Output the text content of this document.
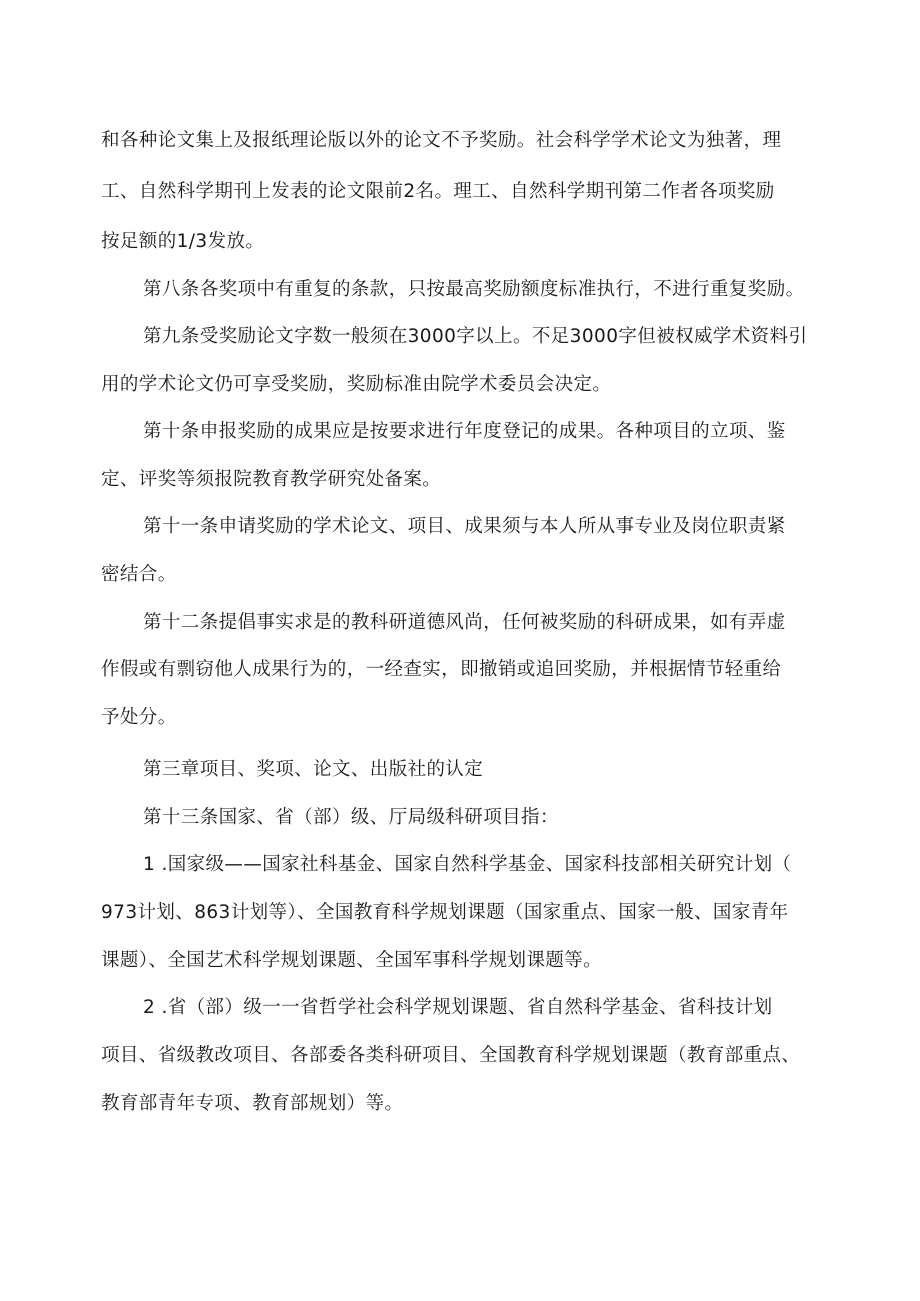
和各种论文集上及报纸理论版以外的论文不予奖励。社会科学学术论文为独著，理
工、自然科学期刊上发表的论文限前2名。理工、自然科学期刊第二作者各项奖励
按足额的1/3发放。
第八条各奖项中有重复的条款，只按最高奖励额度标准执行，不进行重复奖励。
第九条受奖励论文字数一般须在3000字以上。不足3000字但被权威学术资料引
用的学术论文仍可享受奖励，奖励标准由院学术委员会决定。
第十条申报奖励的成果应是按要求进行年度登记的成果。各种项目的立项、鉴
定、评奖等须报院教育教学研究处备案。
第十一条申请奖励的学术论文、项目、成果须与本人所从事专业及岗位职责紧
密结合。
第十二条提倡事实求是的教科研道德风尚，任何被奖励的科研成果，如有弄虚
作假或有剽窃他人成果行为的，一经查实，即撤销或追回奖励，并根据情节轻重给
予处分。
第三章项目、奖项、论文、出版社的认定
第十三条国家、省（部）级、厅局级科研项目指：
1 .国家级——国家社科基金、国家自然科学基金、国家科技部相关研究计划（
973计划、863计划等）、全国教育科学规划课题（国家重点、国家一般、国家青年
课题）、全国艺术科学规划课题、全国军事科学规划课题等。
2 .省（部）级一一省哲学社会科学规划课题、省自然科学基金、省科技计划
项目、省级教改项目、各部委各类科研项目、全国教育科学规划课题（教育部重点、
教育部青年专项、教育部规划）等。
